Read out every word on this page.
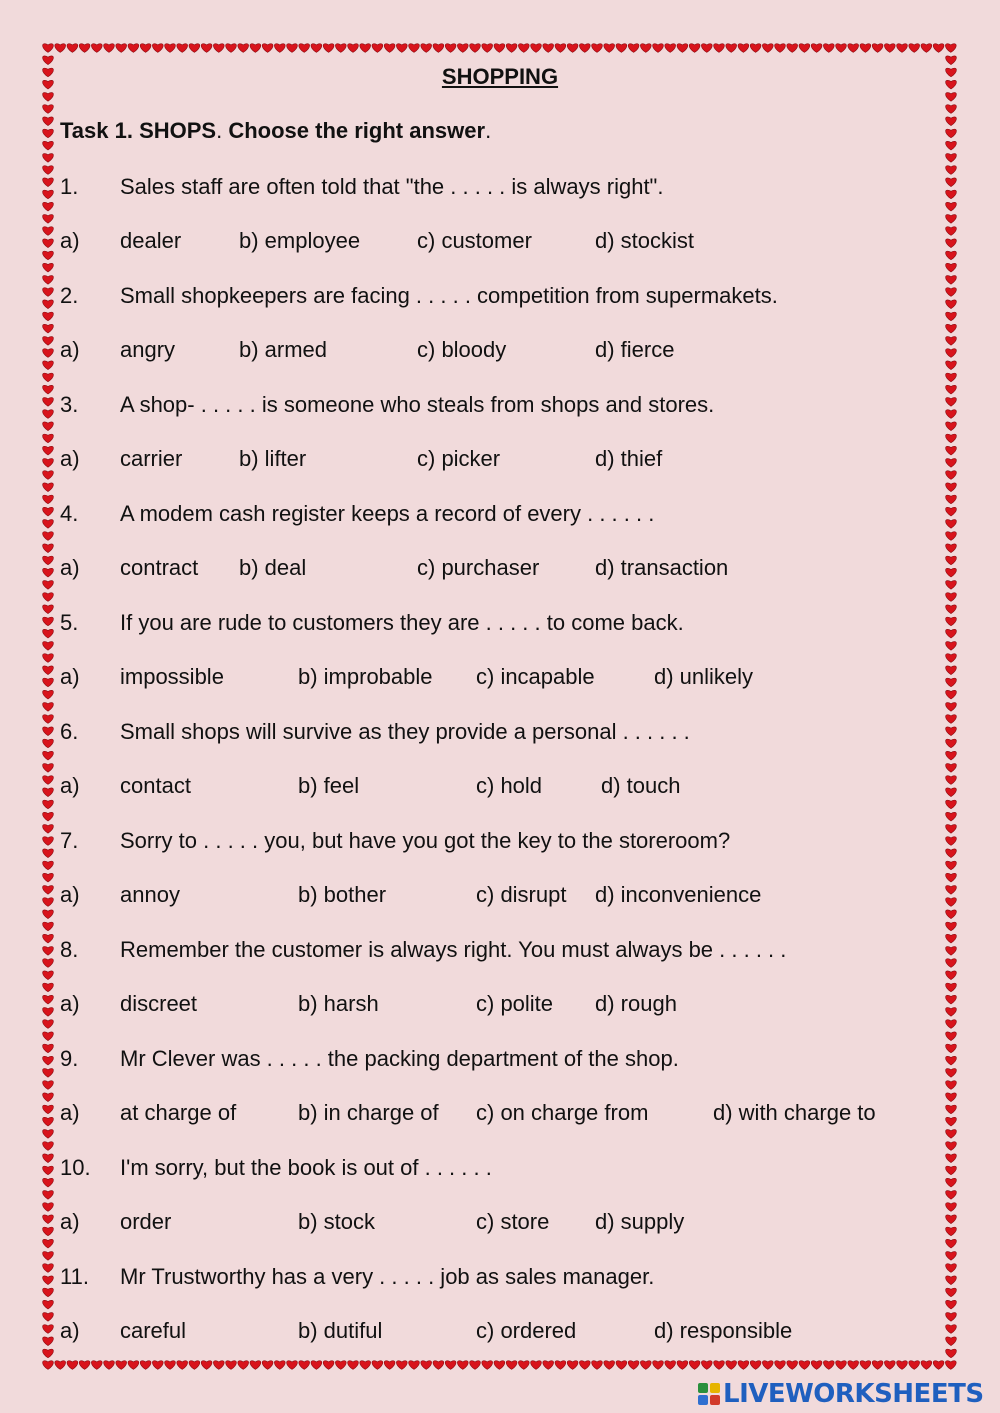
SHOPPING
Task 1. SHOPS. Choose the right answer.
1. Sales staff are often told that "the . . . . . is always right".
a) dealer	b) employee	c) customer	d) stockist
2. Small shopkeepers are facing . . . . . competition from supermakets.
a) angry	b) armed	c) bloody	d) fierce
3. A shop- . . . . . is someone who steals from shops and stores.
a) carrier	b) lifter	c) picker	d) thief
4. A modem cash register keeps a record of every . . . . . .
a) contract b) deal	c) purchaser	d) transaction
5. If you are rude to customers they are . . . . . to come back.
a) impossible	b) improbable c) incapable	d) unlikely
6. Small shops will survive as they provide a personal . . . . . .
a) contact	b) feel	c) hold	d) touch
7. Sorry to . . . . . you, but have you got the key to the storeroom?
a) annoy	b) bother	c) disrupt d) inconvenience
8. Remember the customer is always right. You must always be . . . . . .
a) discreet	b) harsh	c) polite d) rough
9. Mr Clever was . . . . . the packing department of the shop.
a) at charge of	b) in charge of c) on charge from	d) with charge to
10. I'm sorry, but the book is out of . . . . . .
a) order	b) stock	c) store d) supply
11. Mr Trustworthy has a very . . . . . job as sales manager.
a) careful	b) dutiful	c) ordered	d) responsible
LIVEWORKSHEETS
